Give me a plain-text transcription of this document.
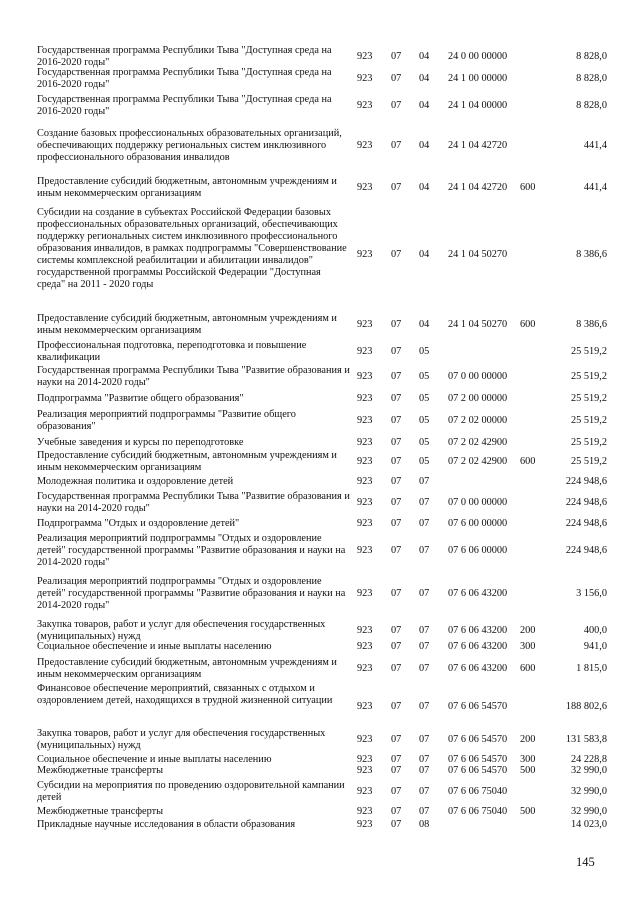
145
Государственная программа Республики Тыва "Доступная среда на 2016-2020 годы"
923 07 04 24 0 00 00000	8 828,0
Государственная программа Республики Тыва "Доступная среда на 2016-2020 годы"
923 07 04 24 1 00 00000	8 828,0
Государственная программа Республики Тыва "Доступная среда на 2016-2020 годы"
923 07 04 24 1 04 00000	8 828,0
Создание базовых профессиональных образовательных организаций, обеспечивающих поддержку региональных систем инклюзивного профессионального образования инвалидов
923 07 04 24 1 04 42720	441,4
Предоставление субсидий бюджетным, автономным учреждениям и иным некоммерческим организациям
923 07 04 24 1 04 42720 600	441,4
Субсидии на создание в субъектах Российской Федерации базовых профессиональных образовательных организаций, обеспечивающих поддержку региональных систем инклюзивного профессионального образования инвалидов, в рамках подпрограммы "Совершенствование системы комплексной реабилитации и абилитации инвалидов" государственной программы Российской Федерации "Доступная среда" на 2011 - 2020 годы
923 07 04 24 1 04 50270	8 386,6
Предоставление субсидий бюджетным, автономным учреждениям и иным некоммерческим организациям
923 07 04 24 1 04 50270 600	8 386,6
Профессиональная подготовка, переподготовка и повышение квалификации
923 07 05	25 519,2
Государственная программа Республики Тыва "Развитие образования и науки на 2014-2020 годы"
923 07 05 07 0 00 00000	25 519,2
Подпрограмма "Развитие общего образования"	923 07 05 07 2 00 00000	25 519,2
Реализация мероприятий подпрограммы "Развитие общего образования"
923 07 05 07 2 02 00000	25 519,2
Учебные заведения и курсы по переподготовке	923 07 05 07 2 02 42900	25 519,2
Предоставление субсидий бюджетным, автономным учреждениям и иным некоммерческим организациям
923 07 05 07 2 02 42900 600	25 519,2
Молодежная политика и оздоровление детей	923 07 07	224 948,6
Государственная программа Республики Тыва "Развитие образования и науки на 2014-2020 годы"
923 07 07 07 0 00 00000	224 948,6
Подпрограмма "Отдых и оздоровление детей"	923 07 07 07 6 00 00000	224 948,6
Реализация мероприятий подпрограммы "Отдых и оздоровление детей" государственной программы "Развитие образования и науки на 2014-2020 годы"
923 07 07 07 6 06 00000	224 948,6
Реализация мероприятий подпрограммы "Отдых и оздоровление детей" государственной программы "Развитие образования и науки на 2014-2020 годы"
923 07 07 07 6 06 43200	3 156,0
Закупка товаров, работ и услуг для обеспечения государственных (муниципальных) нужд
923 07 07 07 6 06 43200 200	400,0
Социальное обеспечение и иные выплаты населению	923 07 07 07 6 06 43200 300	941,0
Предоставление субсидий бюджетным, автономным учреждениям и иным некоммерческим организациям
923 07 07 07 6 06 43200 600	1 815,0
Финансовое обеспечение мероприятий, связанных с отдыхом и оздоровлением детей, находящихся в трудной жизненной ситуации
923 07 07 07 6 06 54570	188 802,6
Закупка товаров, работ и услуг для обеспечения государственных (муниципальных) нужд
923 07 07 07 6 06 54570 200	131 583,8
Социальное обеспечение и иные выплаты населению	923 07 07 07 6 06 54570 300	24 228,8
Межбюджетные трансферты	923 07 07 07 6 06 54570 500	32 990,0
Субсидии на мероприятия по проведению оздоровительной кампании детей
923 07 07 07 6 06 75040	32 990,0
Межбюджетные трансферты	923 07 07 07 6 06 75040 500	32 990,0
Прикладные научные исследования в области образования	923 07 08	14 023,0
